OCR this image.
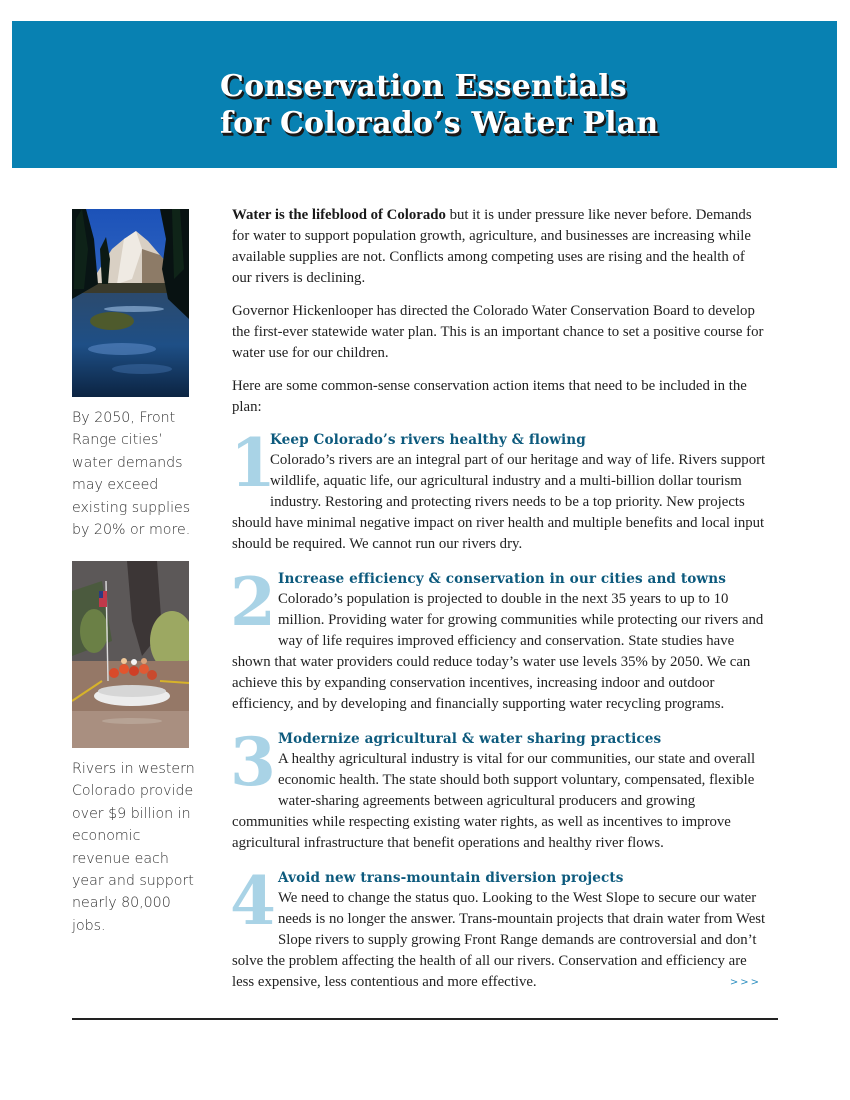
Conservation Essentials
for Colorado’s Water Plan

By 2050, Front Range cities’ water demands may exceed existing supplies by 20% or more.

Rivers in western Colorado provide over $9 billion in economic revenue each year and support nearly 80,000 jobs.

Water is the lifeblood of Colorado but it is under pressure like never before. Demands for water to support population growth, agriculture, and businesses are increasing while available supplies are not. Conflicts among competing uses are rising and the health of our rivers is declining.

Governor Hickenlooper has directed the Colorado Water Conservation Board to develop the first-ever statewide water plan. This is an important chance to set a positive course for water use for our children.

Here are some common-sense conservation action items that need to be included in the plan:

1
Keep Colorado’s rivers healthy & flowing

Colorado’s rivers are an integral part of our heritage and way of life. Rivers support wildlife, aquatic life, our agricultural industry and a multi-billion dollar tourism industry. Restoring and protecting rivers needs to be a top priority. New projects should have minimal negative impact on river health and multiple benefits and local input should be required. We cannot run our rivers dry.

2 Increase efficiency & conservation in our cities and towns

Colorado’s population is projected to double in the next 35 years to up to 10 million. Providing water for growing communities while protecting our rivers and way of life requires improved efficiency and conservation. State studies have shown that water providers could reduce today’s water use levels 35% by 2050. We can achieve this by expanding conservation incentives, increasing indoor and outdoor efficiency, and by developing and financially supporting water recycling programs.

3 Modernize agricultural & water sharing practices

A healthy agricultural industry is vital for our communities, our state and overall economic health. The state should both support voluntary, compensated, flexible water-sharing agreements between agricultural producers and growing communities while respecting existing water rights, as well as incentives to improve agricultural infrastructure that benefit operations and healthy river flows.

4 Avoid new trans-mountain diversion projects

We need to change the status quo. Looking to the West Slope to secure our water needs is no longer the answer. Trans-mountain projects that drain water from West Slope rivers to supply growing Front Range demands are controversial and don’t solve the problem affecting the health of all our rivers. Conservation and efficiency are less expensive, less contentious and more effective.	>>>
